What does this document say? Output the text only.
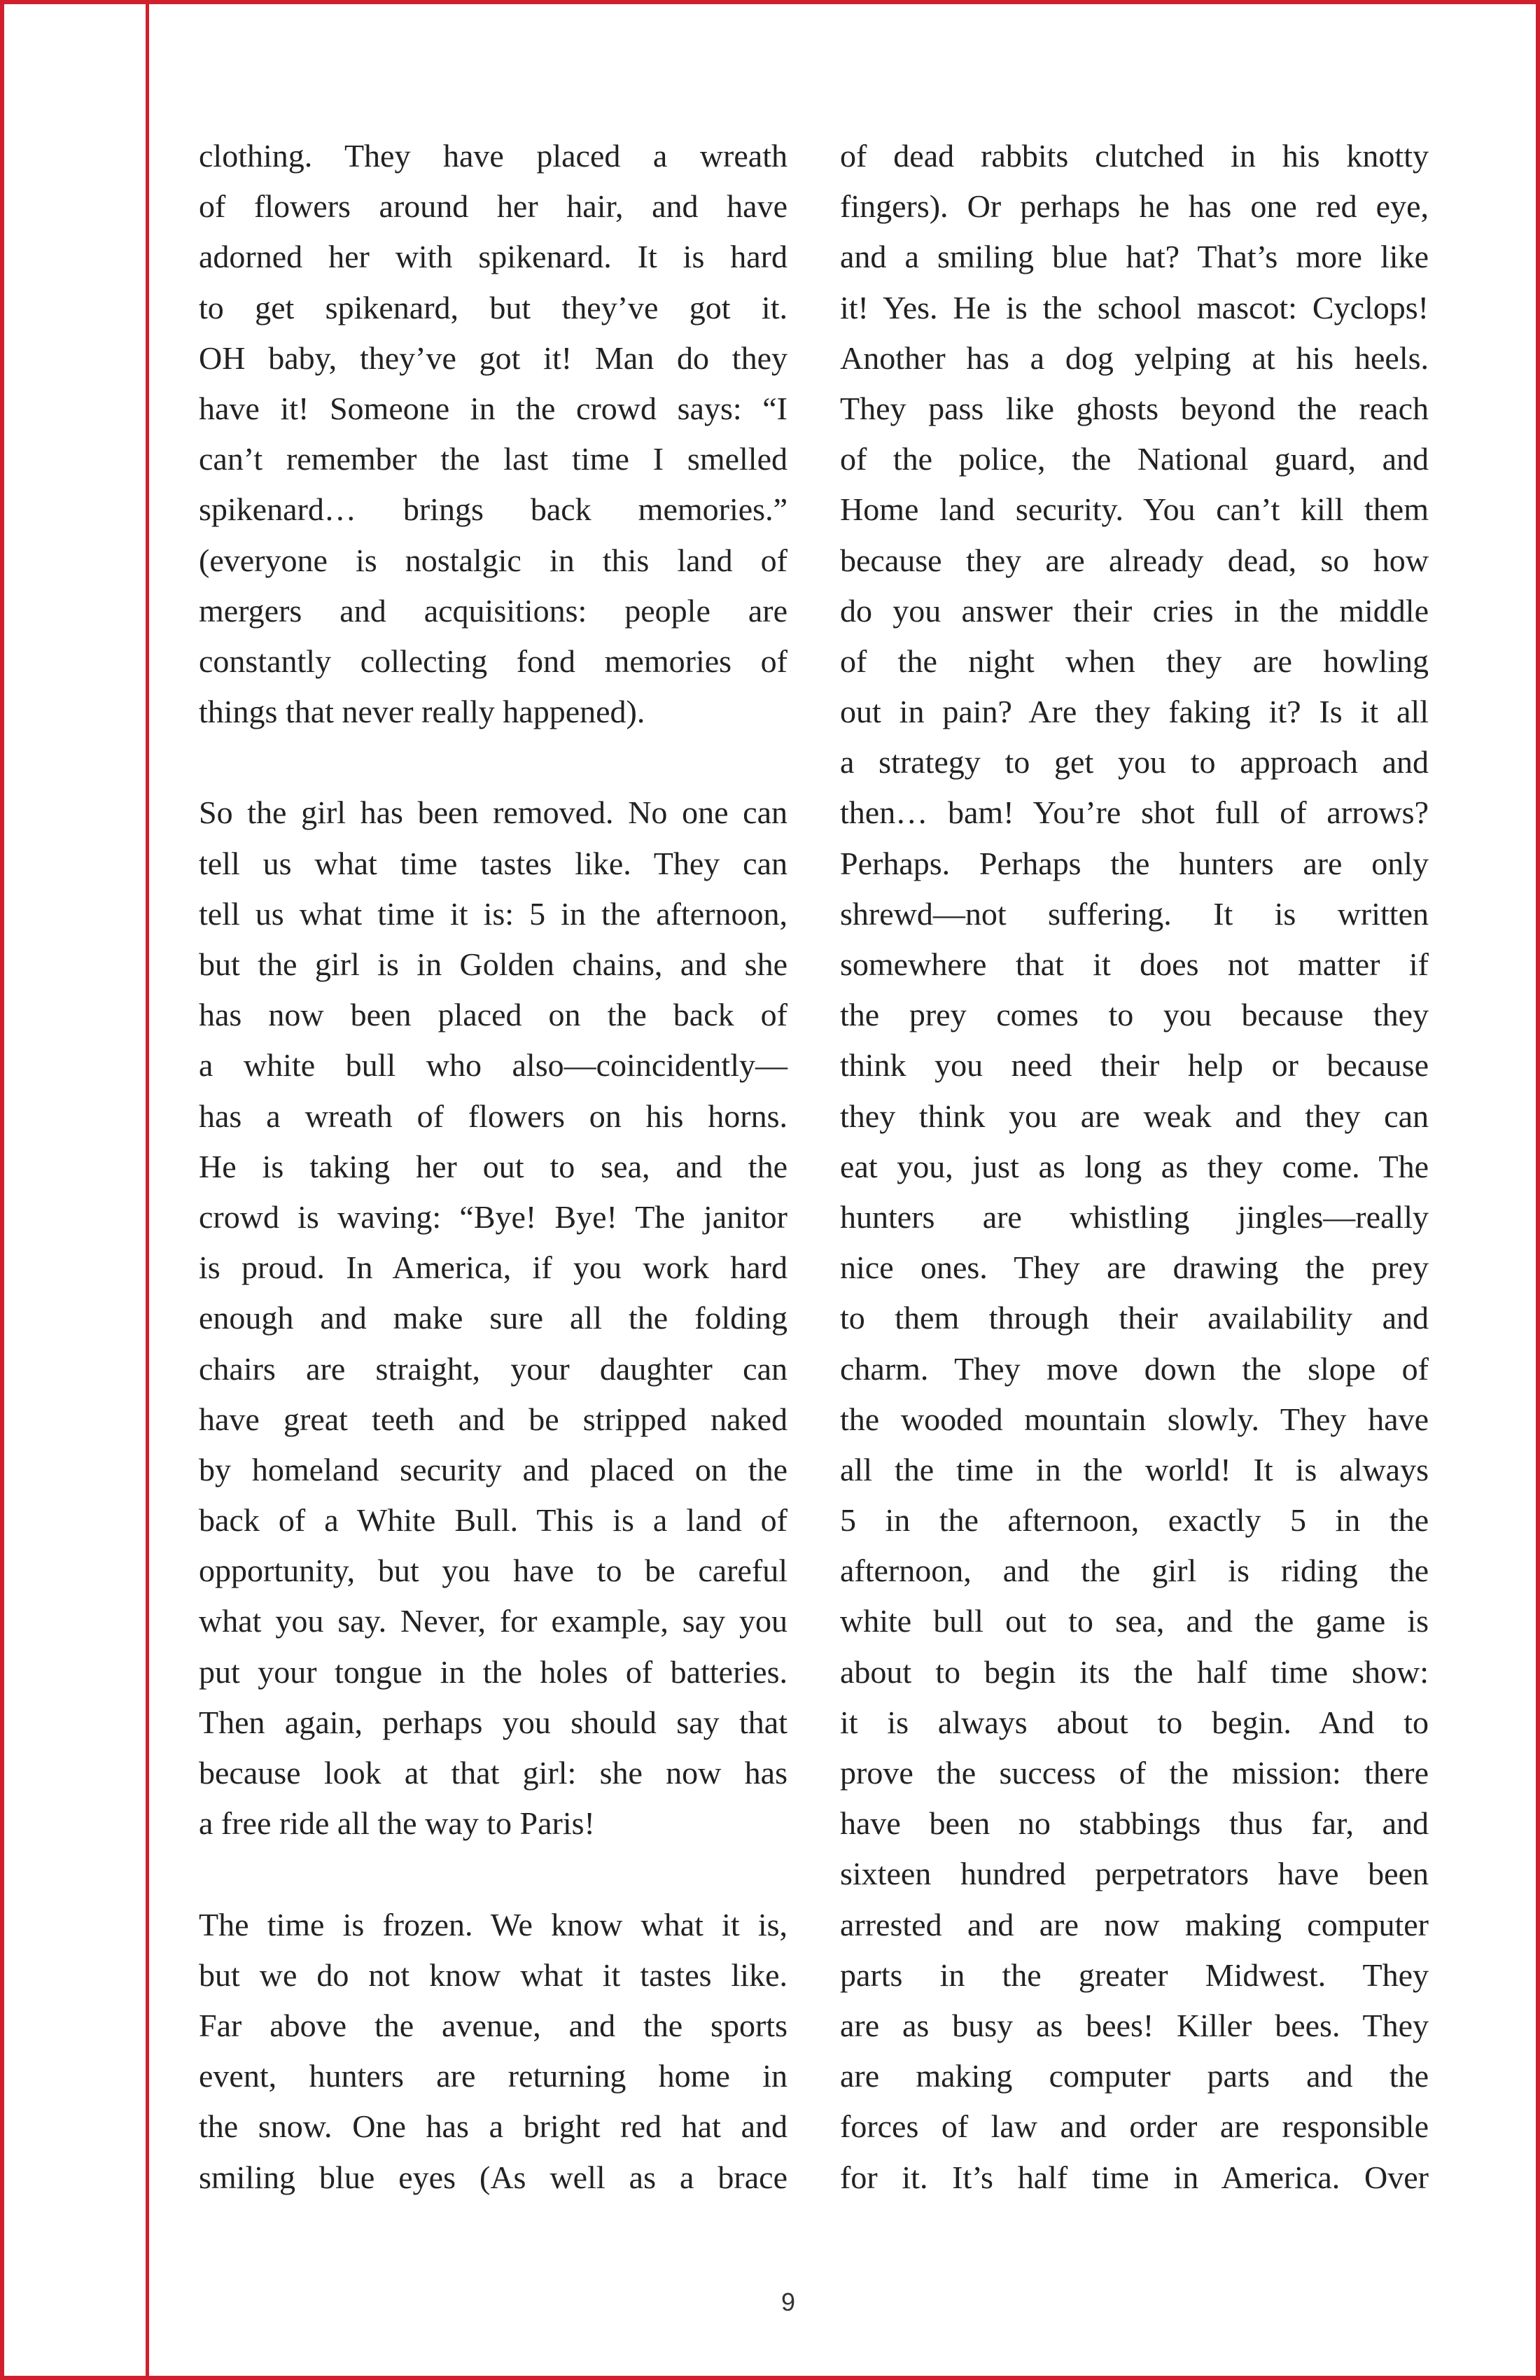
clothing. They have placed a wreath
of flowers around her hair, and have
adorned her with spikenard. It is hard
to get spikenard, but they’ve got it.
OH baby, they’ve got it! Man do they
have it! Someone in the crowd says: “I
can’t remember the last time I smelled
spikenard… brings back memories.”
(everyone is nostalgic in this land of
mergers and acquisitions: people are
constantly collecting fond memories of
things that never really happened).
So the girl has been removed. No one can
tell us what time tastes like. They can
tell us what time it is: 5 in the afternoon,
but the girl is in Golden chains, and she
has now been placed on the back of
a white bull who also—coincidently—
has a wreath of flowers on his horns.
He is taking her out to sea, and the
crowd is waving: “Bye! Bye! The janitor
is proud. In America, if you work hard
enough and make sure all the folding
chairs are straight, your daughter can
have great teeth and be stripped naked
by homeland security and placed on the
back of a White Bull. This is a land of
opportunity, but you have to be careful
what you say. Never, for example, say you
put your tongue in the holes of batteries.
Then again, perhaps you should say that
because look at that girl: she now has
a free ride all the way to Paris!
The time is frozen. We know what it is,
but we do not know what it tastes like.
Far above the avenue, and the sports
event, hunters are returning home in
the snow. One has a bright red hat and
smiling blue eyes (As well as a brace
of dead rabbits clutched in his knotty
fingers). Or perhaps he has one red eye,
and a smiling blue hat? That’s more like
it! Yes. He is the school mascot: Cyclops!
Another has a dog yelping at his heels.
They pass like ghosts beyond the reach
of the police, the National guard, and
Home land security. You can’t kill them
because they are already dead, so how
do you answer their cries in the middle
of the night when they are howling
out in pain? Are they faking it? Is it all
a strategy to get you to approach and
then… bam! You’re shot full of arrows?
Perhaps. Perhaps the hunters are only
shrewd—not suffering. It is written
somewhere that it does not matter if
the prey comes to you because they
think you need their help or because
they think you are weak and they can
eat you, just as long as they come. The
hunters are whistling jingles—really
nice ones. They are drawing the prey
to them through their availability and
charm. They move down the slope of
the wooded mountain slowly. They have
all the time in the world! It is always
5 in the afternoon, exactly 5 in the
afternoon, and the girl is riding the
white bull out to sea, and the game is
about to begin its the half time show:
it is always about to begin. And to
prove the success of the mission: there
have been no stabbings thus far, and
sixteen hundred perpetrators have been
arrested and are now making computer
parts in the greater Midwest. They
are as busy as bees! Killer bees. They
are making computer parts and the
forces of law and order are responsible
for it. It’s half time in America. Over
9
